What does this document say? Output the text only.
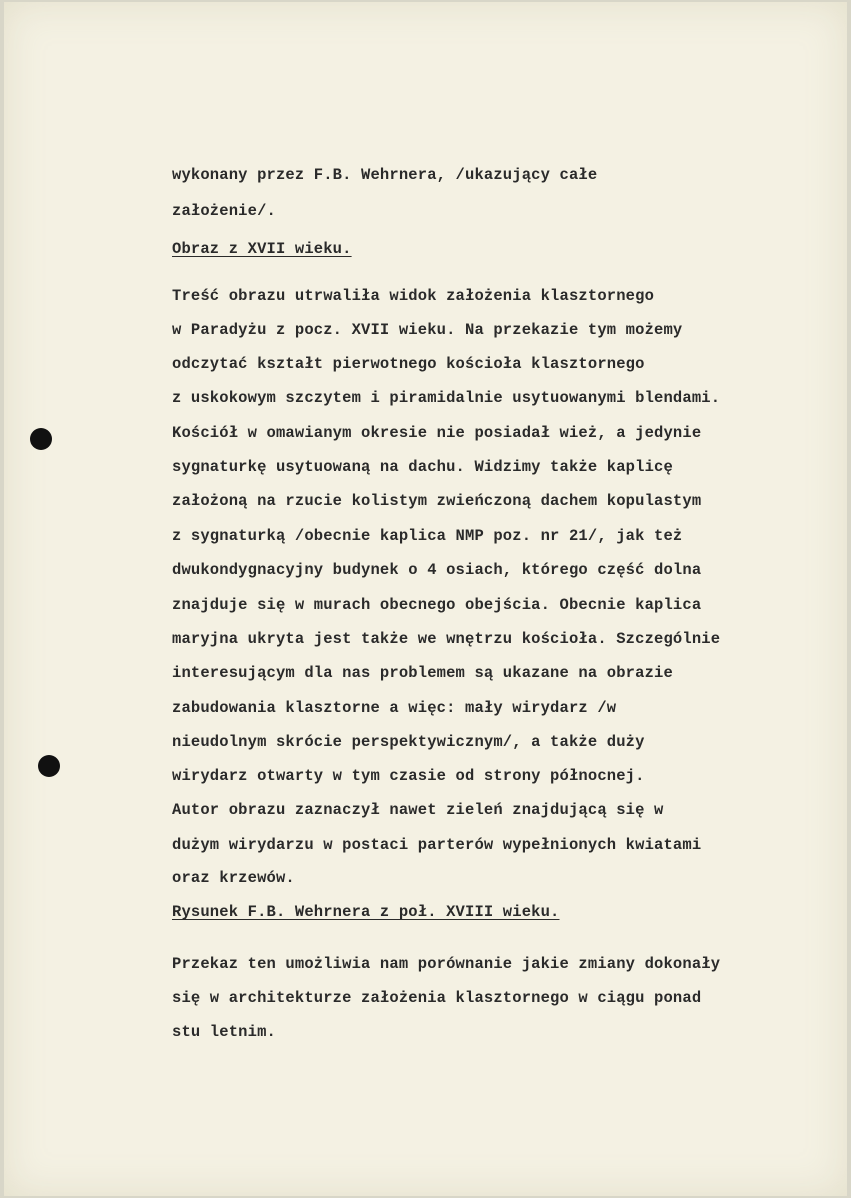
wykonany przez F.B. Wehrnera, /ukazujący całe
założenie/.
Obraz z XVII wieku.
Treść obrazu utrwaliła widok założenia klasztornego
w Paradyżu z pocz. XVII wieku. Na przekazie tym możemy
odczytać kształt pierwotnego kościoła klasztornego
z uskokowym szczytem i piramidalnie usytuowanymi blendami.
Kościół w omawianym okresie nie posiadał wież, a jedynie
sygnaturkę usytuowaną na dachu. Widzimy także kaplicę
założoną na rzucie kolistym zwieńczoną dachem kopulastym
z sygnaturką /obecnie kaplica NMP poz. nr 21/, jak też
dwukondygnacyjny budynek o 4 osiach, którego część dolna
znajduje się w murach obecnego obejścia. Obecnie kaplica
maryjna ukryta jest także we wnętrzu kościoła. Szczególnie
interesującym dla nas problemem są ukazane na obrazie
zabudowania klasztorne a więc: mały wirydarz /w
nieudolnym skrócie perspektywicznym/, a także duży
wirydarz otwarty w tym czasie od strony północnej.
Autor obrazu zaznaczył nawet zieleń znajdującą się w
dużym wirydarzu w postaci parterów wypełnionych kwiatami
oraz krzewów.
Rysunek F.B. Wehrnera z poł. XVIII wieku.
Przekaz ten umożliwia nam porównanie jakie zmiany dokonały
się w architekturze założenia klasztornego w ciągu ponad
stu letnim.
